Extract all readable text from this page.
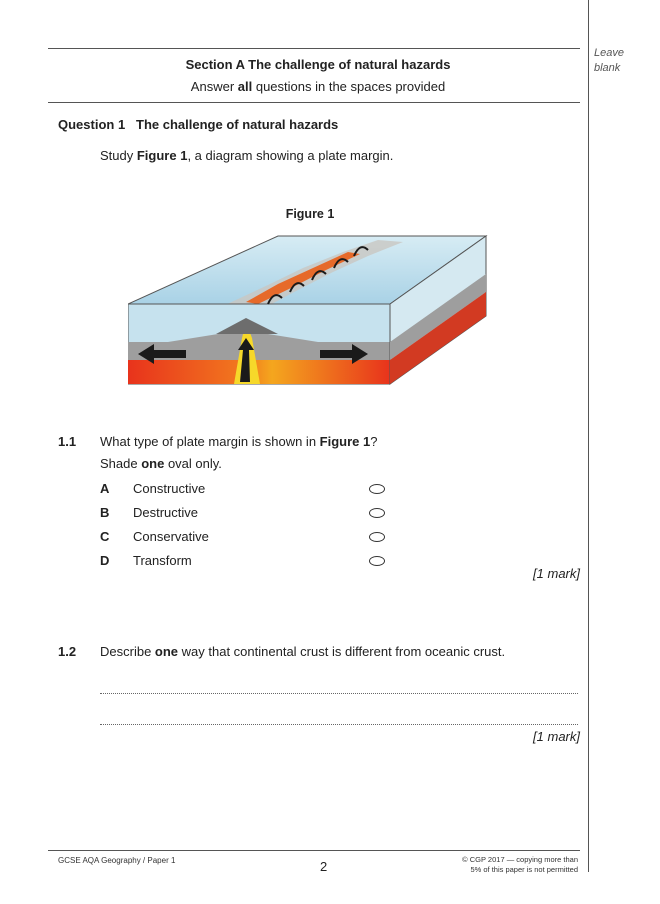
Leave
blank
Section A The challenge of natural hazards
Answer all questions in the spaces provided
Question 1   The challenge of natural hazards
Study Figure 1, a diagram showing a plate margin.
Figure 1
1.1 What type of plate margin is shown in Figure 1?
Shade one oval only.
A Constructive
B Destructive
C Conservative
D Transform
[1 mark]
1.2 Describe one way that continental crust is different from oceanic crust.
[1 mark]
GCSE AQA Geography / Paper 1	2	© CGP 2017 — copying more than
5% of this paper is not permitted
